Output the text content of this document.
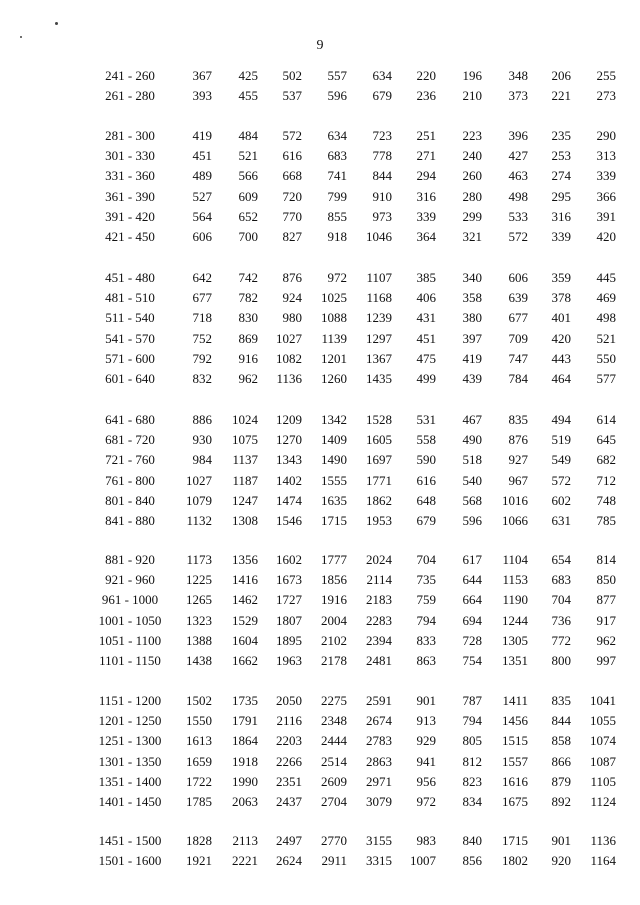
9
241 - 260	367 425 502 557 634 220 196 348 206 255
261 - 280	393 455 537 596 679 236 210 373 221 273
281 - 300	419 484 572 634 723 251 223 396 235 290
301 - 330	451 521 616 683 778 271 240 427 253 313
331 - 360	489 566 668 741 844 294 260 463 274 339
361 - 390	527 609 720 799 910 316 280 498 295 366
391 - 420	564 652 770 855 973 339 299 533 316 391
421 - 450	606 700 827 918 1046 364 321 572 339 420
451 - 480	642 742 876 972 1107 385 340 606 359 445
481 - 510	677 782 924 1025 1168 406 358 639 378 469
511 - 540	718 830 980 1088 1239 431 380 677 401 498
541 - 570	752 869 1027 1139 1297 451 397 709 420 521
571 - 600	792 916 1082 1201 1367 475 419 747 443 550
601 - 640	832 962 1136 1260 1435 499 439 784 464 577
641 - 680	886 1024 1209 1342 1528 531 467 835 494 614
681 - 720	930 1075 1270 1409 1605 558 490 876 519 645
721 - 760	984 1137 1343 1490 1697 590 518 927 549 682
761 - 800	1027 1187 1402 1555 1771 616 540 967 572 712
801 - 840	1079 1247 1474 1635 1862 648 568 1016 602 748
841 - 880	1132 1308 1546 1715 1953 679 596 1066 631 785
881 - 920	1173 1356 1602 1777 2024 704 617 1104 654 814
921 - 960	1225 1416 1673 1856 2114 735 644 1153 683 850
961 - 1000	1265 1462 1727 1916 2183 759 664 1190 704 877
1001 - 1050	1323 1529 1807 2004 2283 794 694 1244 736 917
1051 - 1100	1388 1604 1895 2102 2394 833 728 1305 772 962
1101 - 1150	1438 1662 1963 2178 2481 863 754 1351 800 997
1151 - 1200	1502 1735 2050 2275 2591 901 787 1411 835 1041
1201 - 1250	1550 1791 2116 2348 2674 913 794 1456 844 1055
1251 - 1300	1613 1864 2203 2444 2783 929 805 1515 858 1074
1301 - 1350	1659 1918 2266 2514 2863 941 812 1557 866 1087
1351 - 1400	1722 1990 2351 2609 2971 956 823 1616 879 1105
1401 - 1450	1785 2063 2437 2704 3079 972 834 1675 892 1124
1451 - 1500	1828 2113 2497 2770 3155 983 840 1715 901 1136
1501 - 1600	1921 2221 2624 2911 3315 1007 856 1802 920 1164
